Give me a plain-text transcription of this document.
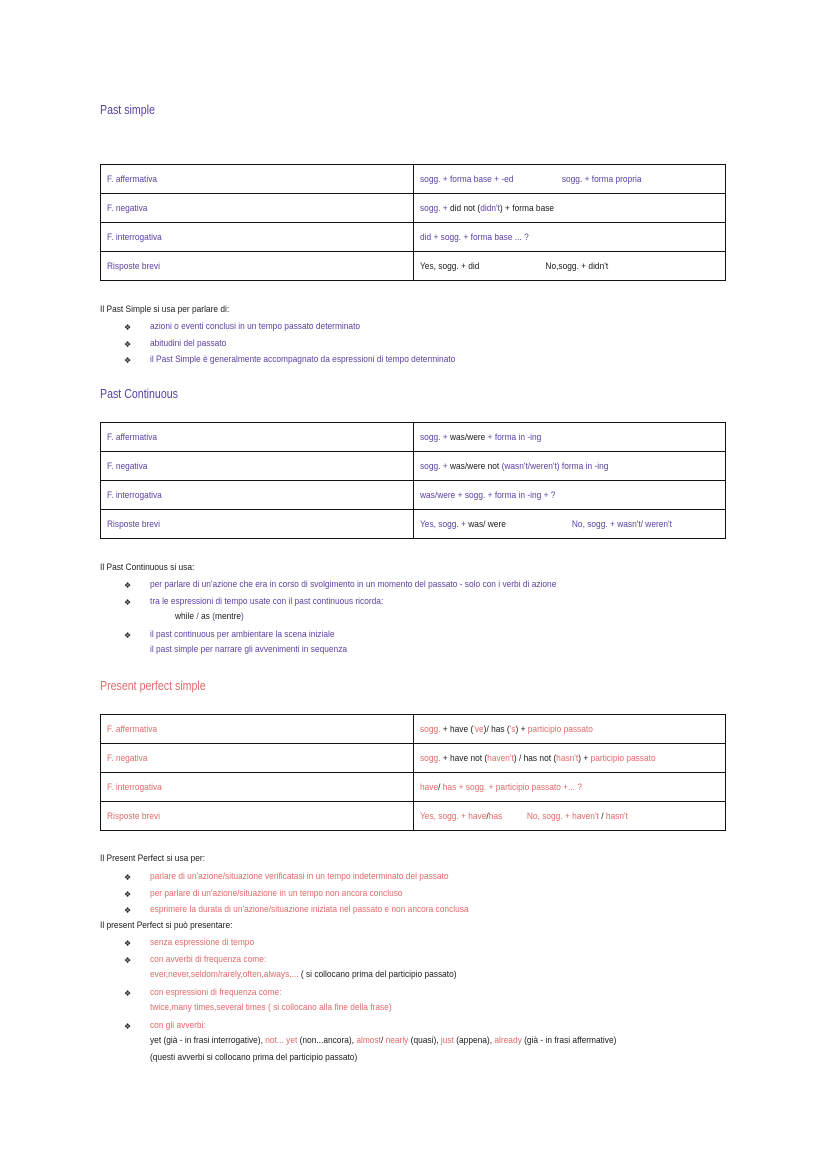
Past simple
F. affermativa	sogg. + forma base + -ed sogg. + forma propria
F. negativa	sogg. + did not (didn't) + forma base
F. interrogativa	did + sogg. + forma base ... ?
Risposte brevi	Yes, sogg. + did No,sogg. + didn't
Il Past Simple si usa per parlare di:
❖ azioni o eventi conclusi in un tempo passato determinato
❖ abitudini del passato
❖ il Past Simple è generalmente accompagnato da espressioni di tempo determinato
Past Continuous
F. affermativa	sogg. + was/were + forma in -ing
F. negativa	sogg. + was/were not (wasn't/weren't) forma in -ing
F. interrogativa	was/were + sogg. + forma in -ing + ?
Risposte brevi	Yes, sogg. + was/ were No, sogg. + wasn't/ weren't
Il Past Continuous si usa:
❖ per parlare di un'azione che era in corso di svolgimento in un momento del passato - solo con i verbi di azione
❖ tra le espressioni di tempo usate con il past continuous ricorda:
while / as (mentre)
❖ il past continuous per ambientare la scena iniziale
il past simple per narrare gli avvenimenti in sequenza
Present perfect simple
F. affermativa	sogg. + have ('ve)/ has ('s) + participio passato
F. negativa	sogg. + have not (haven't) / has not (hasn't) + participio passato
F. interrogativa	have/ has + sogg. + participio passato +... ?
Risposte brevi	Yes, sogg. + have/has No, sogg. + haven't / hasn't
Il Present Perfect si usa per:
❖ parlare di un'azione/situazione verificatasi in un tempo indeterminato del passato
❖ per parlare di un'azione/situazione in un tempo non ancora concluso
❖ esprimere la durata di un'azione/situazione iniziata nel passato e non ancora conclusa
Il present Perfect si può presentare:
❖ senza espressione di tempo
❖ con avverbi di frequenza come:
ever,never,seldom/rarely,often,always,... ( si collocano prima del participio passato)
❖ con espressioni di frequenza come:
twice,many times,several times ( si collocano alla fine della frase)
❖ con gli avverbi:
yet (già - in frasi interrogative), not... yet (non...ancora), almost/ nearly (quasi), just (appena), already (già - in frasi affermative)
(questi avverbi si collocano prima del participio passato)
